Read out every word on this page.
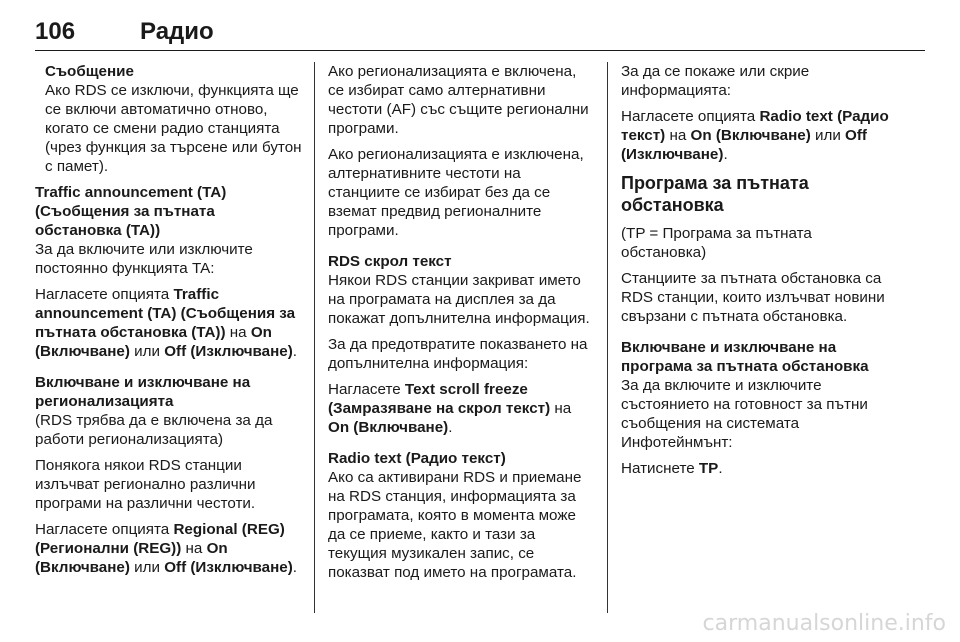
106	Радио
Съобщение

Ако RDS се изключи, функцията ще се включи автоматично отново, когато се смени радио станцията (чрез функция за търсене или бутон с памет).

Traffic announcement (TA) (Съобщения за пътната обстановка (TA))

За да включите или изключите постоянно функцията TA:

Нагласете опцията Traffic announcement (TA) (Съобщения за пътната обстановка (TA)) на On (Включване) или Off (Изключване).

Включване и изключване на регионализацията

(RDS трябва да е включена за да работи регионализацията)

Понякога някои RDS станции излъчват регионално различни програми на различни честоти.

Нагласете опцията Regional (REG) (Регионални (REG)) на On (Включване) или Off (Изключване).

Ако регионализацията е включена, се избират само алтернативни честоти (AF) със същите регионални програми.

Ако регионализацията е изключена, алтернативните честоти на станциите се избират без да се вземат предвид регионалните програми.

RDS скрол текст

Някои RDS станции закриват името на програмата на дисплея за да покажат допълнителна информация.

За да предотвратите показването на допълнителна информация:

Нагласете Text scroll freeze (Замразяване на скрол текст) на On (Включване).

Radio text (Радио текст)

Ако са активирани RDS и приемане на RDS станция, информацията за програмата, която в момента може да се приеме, както и тази за текущия музикален запис, се показват под името на програмата.

За да се покаже или скрие информацията:

Нагласете опцията Radio text (Радио текст) на On (Включване) или Off (Изключване).

Програма за пътната обстановка

(TP = Програма за пътната обстановка)

Станциите за пътната обстановка са RDS станции, които излъчват новини свързани с пътната обстановка.

Включване и изключване на програма за пътната обстановка

За да включите и изключите състоянието на готовност за пътни съобщения на системата Инфотейнмънт:

Натиснете TP.

carmanualsonline.info
